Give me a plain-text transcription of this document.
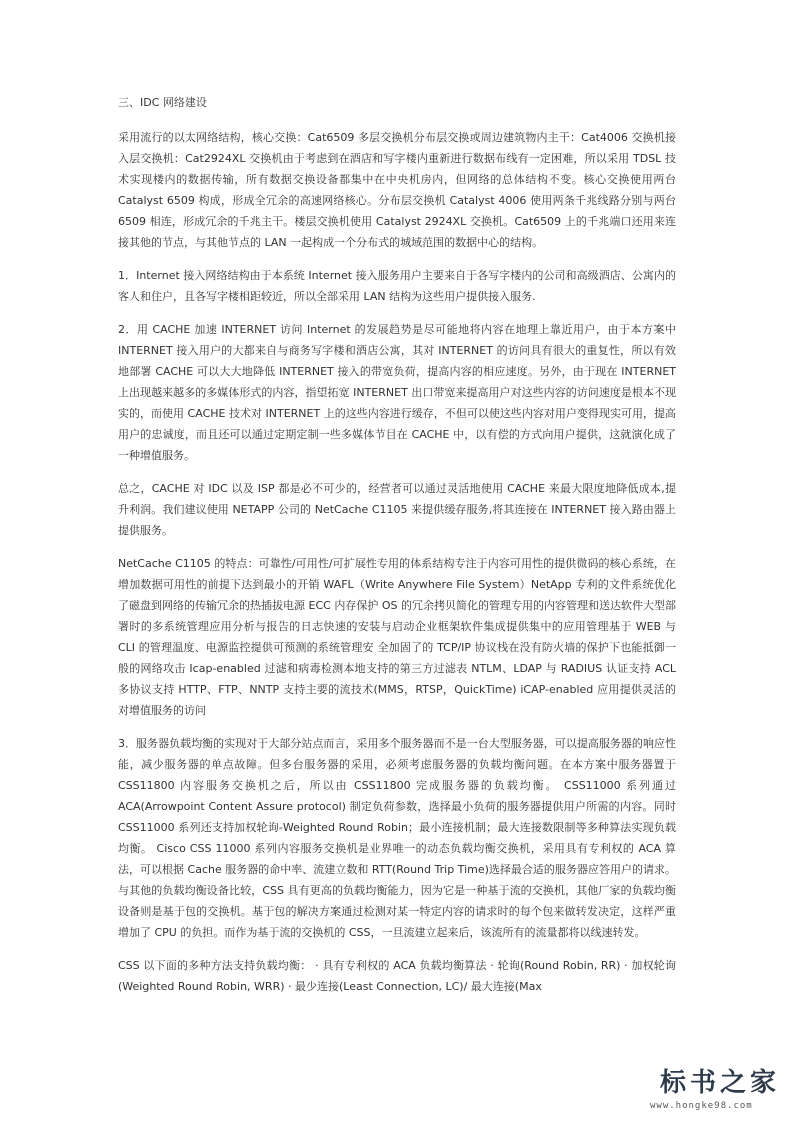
三、IDC 网络建设

采用流行的以太网络结构，核心交换：Cat6509 多层交换机分布层交换或周边建筑物内主干：Cat4006 交换机接入层交换机：Cat2924XL 交换机由于考虑到在酒店和写字楼内重新进行数据布线有一定困难，所以采用 TDSL 技术实现楼内的数据传输，所有数据交换设备都集中在中央机房内，但网络的总体结构不变。核心交换使用两台 Catalyst 6509 构成，形成全冗余的高速网络核心。分布层交换机 Catalyst 4006 使用两条千兆线路分别与两台 6509 相连，形成冗余的千兆主干。楼层交换机使用 Catalyst 2924XL 交换机。Cat6509 上的千兆端口还用来连接其他的节点，与其他节点的 LAN 一起构成一个分布式的城域范围的数据中心的结构。

1．Internet 接入网络结构由于本系统 Internet 接入服务用户主要来自于各写字楼内的公司和高级酒店、公寓内的客人和住户，且各写字楼相距较近，所以全部采用 LAN 结构为这些用户提供接入服务.

2．用 CACHE 加速 INTERNET 访问 Internet 的发展趋势是尽可能地将内容在地理上靠近用户，由于本方案中 INTERNET 接入用户的大都来自与商务写字楼和酒店公寓，其对 INTERNET 的访问具有很大的重复性，所以有效地部署 CACHE 可以大大地降低 INTERNET 接入的带宽负荷，提高内容的相应速度。另外，由于现在 INTERNET 上出现越来越多的多媒体形式的内容，指望拓宽 INTERNET 出口带宽来提高用户对这些内容的访问速度是根本不现实的，而使用 CACHE 技术对 INTERNET 上的这些内容进行缓存，不但可以使这些内容对用户变得现实可用，提高用户的忠诚度，而且还可以通过定期定制一些多媒体节目在 CACHE 中，以有偿的方式向用户提供，这就演化成了一种增值服务。

总之，CACHE 对 IDC 以及 ISP 都是必不可少的，经营者可以通过灵活地使用 CACHE 来最大限度地降低成本,提升利润。我们建议使用 NETAPP 公司的 NetCache C1105 来提供缓存服务,将其连接在 INTERNET 接入路由器上提供服务。

NetCache C1105 的特点：可靠性/可用性/可扩展性专用的体系结构专注于内容可用性的提供微码的核心系统，在增加数据可用性的前提下达到最小的开销 WAFL（Write Anywhere File System）NetApp 专利的文件系统优化了磁盘到网络的传输冗余的热插拔电源 ECC 内存保护 OS 的冗余拷贝简化的管理专用的内容管理和送达软件大型部署时的多系统管理应用分析与报告的日志快速的安装与启动企业框架软件集成提供集中的应用管理基于 WEB 与 CLI 的管理温度、电源监控提供可预测的系统管理安 全加固了的 TCP/IP 协议栈在没有防火墙的保护下也能抵御一般的网络攻击 Icap-enabled 过滤和病毒检测本地支持的第三方过滤表 NTLM、LDAP 与 RADIUS 认证支持 ACL 多协议支持 HTTP、FTP、NNTP 支持主要的流技术(MMS，RTSP，QuickTime) iCAP-enabled 应用提供灵活的对增值服务的访问

3．服务器负载均衡的实现对于大部分站点而言，采用多个服务器而不是一台大型服务器，可以提高服务器的响应性能，减少服务器的单点故障。但多台服务器的采用，必须考虑服务器的负载均衡问题。在本方案中服务器置于 CSS11800 内容服务交换机之后，所以由 CSS11800 完成服务器的负载均衡。 CSS11000 系列通过 ACA(Arrowpoint Content Assure protocol) 制定负荷参数，选择最小负荷的服务器提供用户所需的内容。同时 CSS11000 系列还支持加权轮询-Weighted Round Robin；最小连接机制；最大连接数限制等多种算法实现负载均衡。 Cisco CSS 11000 系列内容服务交换机是业界唯一的动态负载均衡交换机，采用具有专利权的 ACA 算法，可以根据 Cache 服务器的命中率、流建立数和 RTT(Round Trip Time)选择最合适的服务器应答用户的请求。与其他的负载均衡设备比较，CSS 具有更高的负载均衡能力，因为它是一种基于流的交换机，其他厂家的负载均衡设备则是基于包的交换机。基于包的解决方案通过检测对某一特定内容的请求时的每个包来做转发决定，这样严重增加了 CPU 的负担。而作为基于流的交换机的 CSS，一旦流建立起来后，该流所有的流量都将以线速转发。

CSS 以下面的多种方法支持负载均衡： · 具有专利权的 ACA 负载均衡算法 · 轮询(Round Robin, RR) · 加权轮询(Weighted Round Robin, WRR) · 最少连接(Least Connection, LC)/ 最大连接(Max

标书之家
www.hongke98.com
